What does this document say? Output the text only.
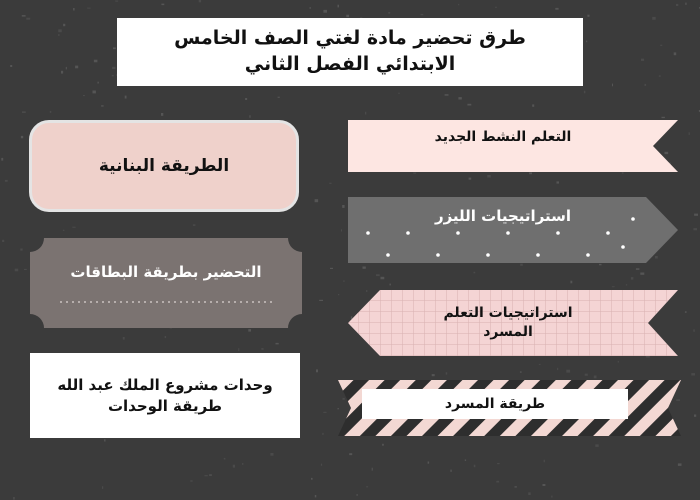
طرق تحضير مادة لغتي الصف الخامس
الابتدائي الفصل الثاني
الطريقة البنانية
التحضير بطريقة البطاقات
وحدات مشروع الملك عبد الله
طريقة الوحدات
التعلم النشط الجديد
استراتيجيات الليزر
استراتيجيات التعلم
المسرد
طريقة المسرد
